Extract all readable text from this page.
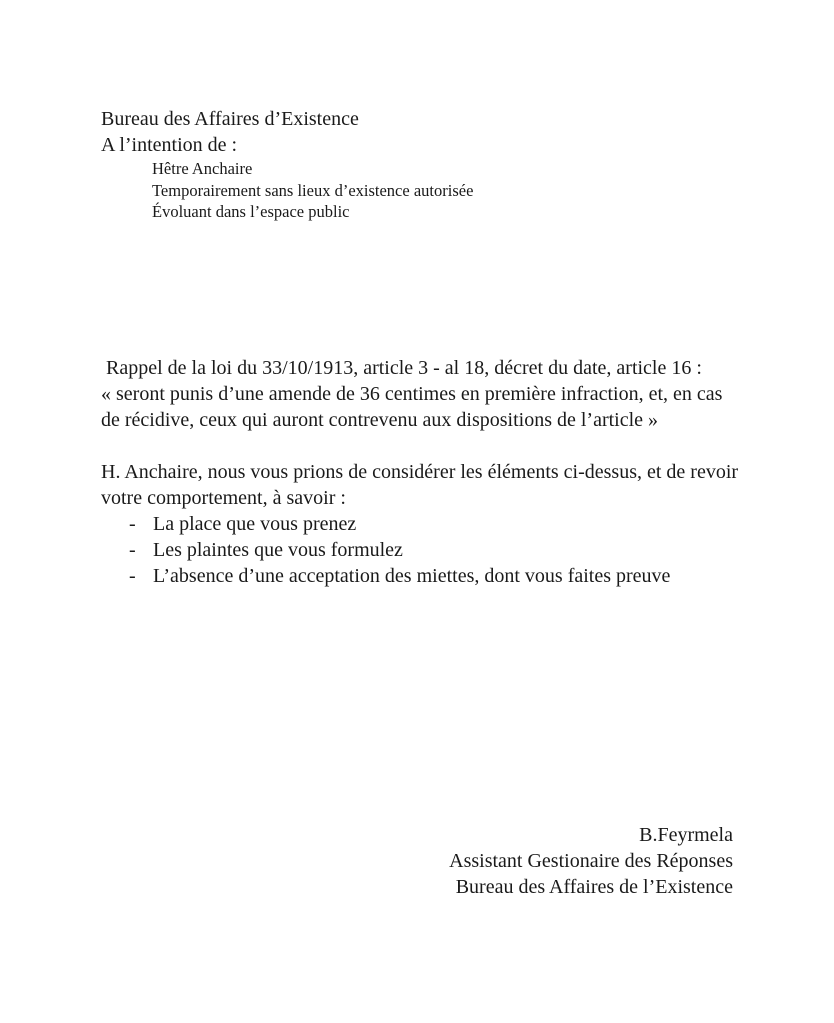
Bureau des Affaires d’Existence
A l’intention de :
Hêtre Anchaire
Temporairement sans lieux d’existence autorisée
Évoluant dans l’espace public
Rappel de la loi du 33/10/1913, article 3 - al 18, décret du date, article 16 :
« seront punis d’une amende de 36 centimes en première infraction, et, en cas
de récidive, ceux qui auront contrevenu aux dispositions de l’article »
H. Anchaire, nous vous prions de considérer les éléments ci-dessus, et de revoir
votre comportement, à savoir :
- La place que vous prenez
- Les plaintes que vous formulez
- L’absence d’une acceptation des miettes, dont vous faites preuve
B.Feyrmela
Assistant Gestionaire des Réponses
Bureau des Affaires de l’Existence
